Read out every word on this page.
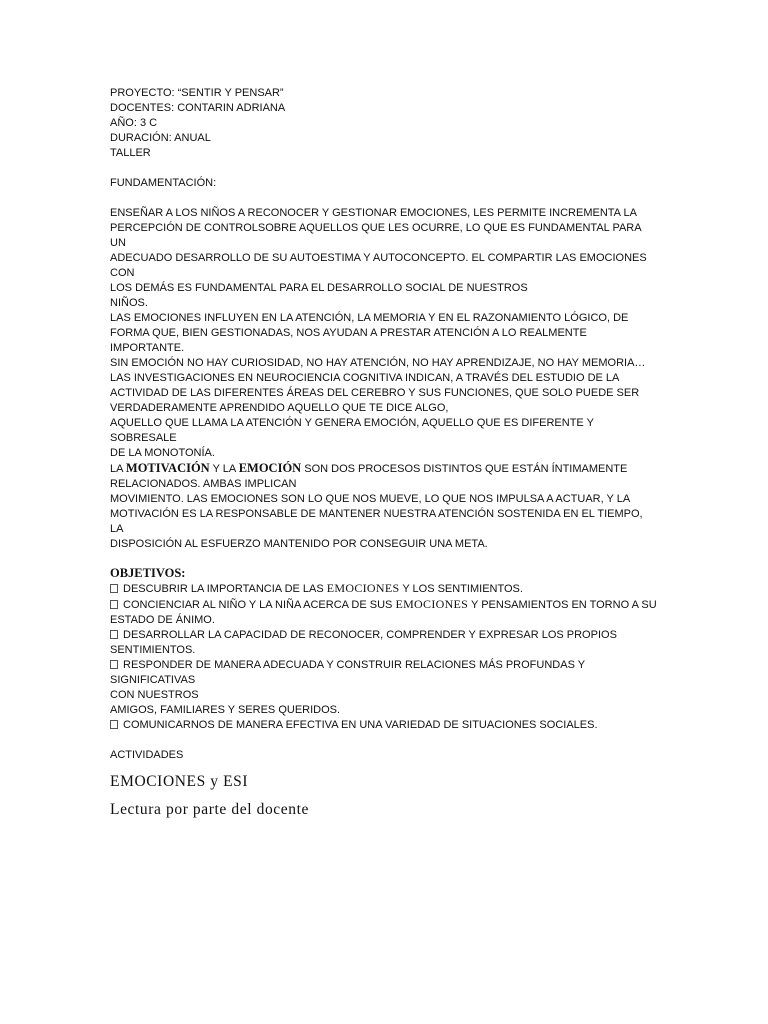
PROYECTO: “SENTIR Y PENSAR”

DOCENTES: CONTARIN ADRIANA

AÑO: 3 C

DURACIÓN: ANUAL

TALLER

FUNDAMENTACIÓN:

ENSEÑAR A LOS NIÑOS A RECONOCER Y GESTIONAR EMOCIONES, LES PERMITE INCREMENTA LA

PERCEPCIÓN DE CONTROLSOBRE AQUELLOS QUE LES OCURRE, LO QUE ES FUNDAMENTAL PARA UN

ADECUADO DESARROLLO DE SU AUTOESTIMA Y AUTOCONCEPTO. EL COMPARTIR LAS EMOCIONES CON

LOS DEMÁS ES FUNDAMENTAL PARA EL DESARROLLO SOCIAL DE NUESTROS

NIÑOS.

LAS EMOCIONES INFLUYEN EN LA ATENCIÓN, LA MEMORIA Y EN EL RAZONAMIENTO LÓGICO, DE

FORMA QUE, BIEN GESTIONADAS, NOS AYUDAN A PRESTAR ATENCIÓN A LO REALMENTE IMPORTANTE.

SIN EMOCIÓN NO HAY CURIOSIDAD, NO HAY ATENCIÓN, NO HAY APRENDIZAJE, NO HAY MEMORIA…

LAS INVESTIGACIONES EN NEUROCIENCIA COGNITIVA INDICAN, A TRAVÉS DEL ESTUDIO DE LA

ACTIVIDAD DE LAS DIFERENTES ÁREAS DEL CEREBRO Y SUS FUNCIONES, QUE SOLO PUEDE SER

VERDADERAMENTE APRENDIDO AQUELLO QUE TE DICE ALGO,

AQUELLO QUE LLAMA LA ATENCIÓN Y GENERA EMOCIÓN, AQUELLO QUE ES DIFERENTE Y SOBRESALE

DE LA MONOTONÍA.

LA MOTIVACIÓN Y LA EMOCIÓN SON DOS PROCESOS DISTINTOS QUE ESTÁN ÍNTIMAMENTE

RELACIONADOS. AMBAS IMPLICAN

MOVIMIENTO. LAS EMOCIONES SON LO QUE NOS MUEVE, LO QUE NOS IMPULSA A ACTUAR, Y LA

MOTIVACIÓN ES LA RESPONSABLE DE MANTENER NUESTRA ATENCIÓN SOSTENIDA EN EL TIEMPO, LA

DISPOSICIÓN AL ESFUERZO MANTENIDO POR CONSEGUIR UNA META.

OBJETIVOS:

DESCUBRIR LA IMPORTANCIA DE LAS EMOCIONES Y LOS SENTIMIENTOS.

CONCIENCIAR AL NIÑO Y LA NIÑA ACERCA DE SUS EMOCIONES Y PENSAMIENTOS EN TORNO A SU

ESTADO DE ÁNIMO.

DESARROLLAR LA CAPACIDAD DE RECONOCER, COMPRENDER Y EXPRESAR LOS PROPIOS

SENTIMIENTOS.

RESPONDER DE MANERA ADECUADA Y CONSTRUIR RELACIONES MÁS PROFUNDAS Y SIGNIFICATIVAS

CON NUESTROS

AMIGOS, FAMILIARES Y SERES QUERIDOS.

COMUNICARNOS DE MANERA EFECTIVA EN UNA VARIEDAD DE SITUACIONES SOCIALES.

ACTIVIDADES

EMOCIONES y ESI

Lectura por parte del docente
